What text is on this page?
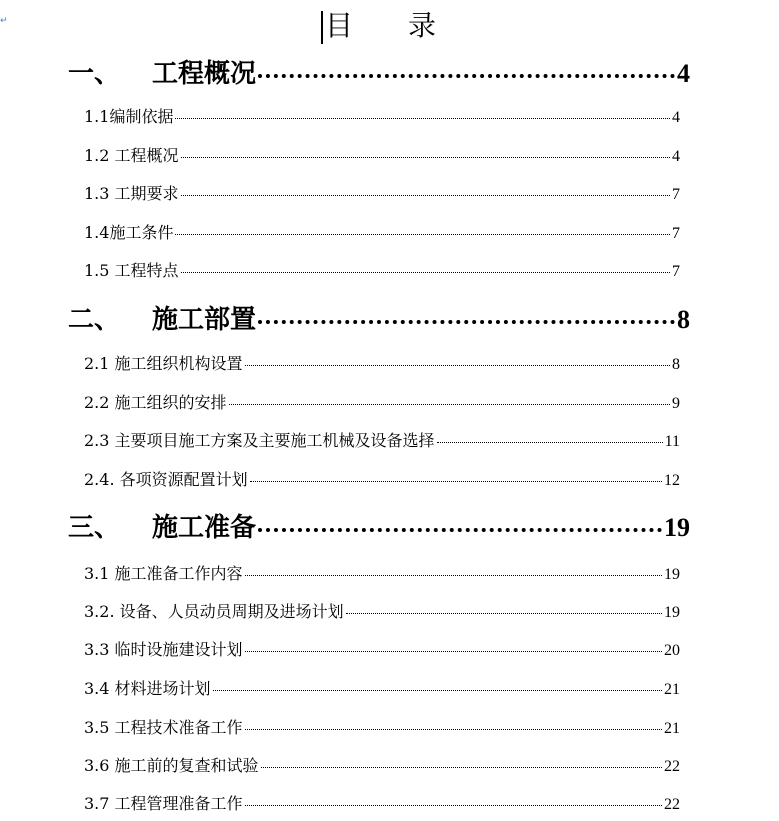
↵	目 录
一、	工程概况	4
1.1编制依据	4
1.2 工程概况	4
1.3 工期要求	7
1.4施工条件	7
1.5 工程特点	7
二、	施工部置	8
2.1 施工组织机构设置	8
2.2 施工组织的安排	9
2.3 主要项目施工方案及主要施工机械及设备选择	11
2.4. 各项资源配置计划	12
三、	施工准备	19
3.1 施工准备工作内容	19
3.2. 设备、人员动员周期及进场计划	19
3.3 临时设施建设计划	20
3.4 材料进场计划	21
3.5 工程技术准备工作	21
3.6 施工前的复查和试验	22
3.7 工程管理准备工作	22
